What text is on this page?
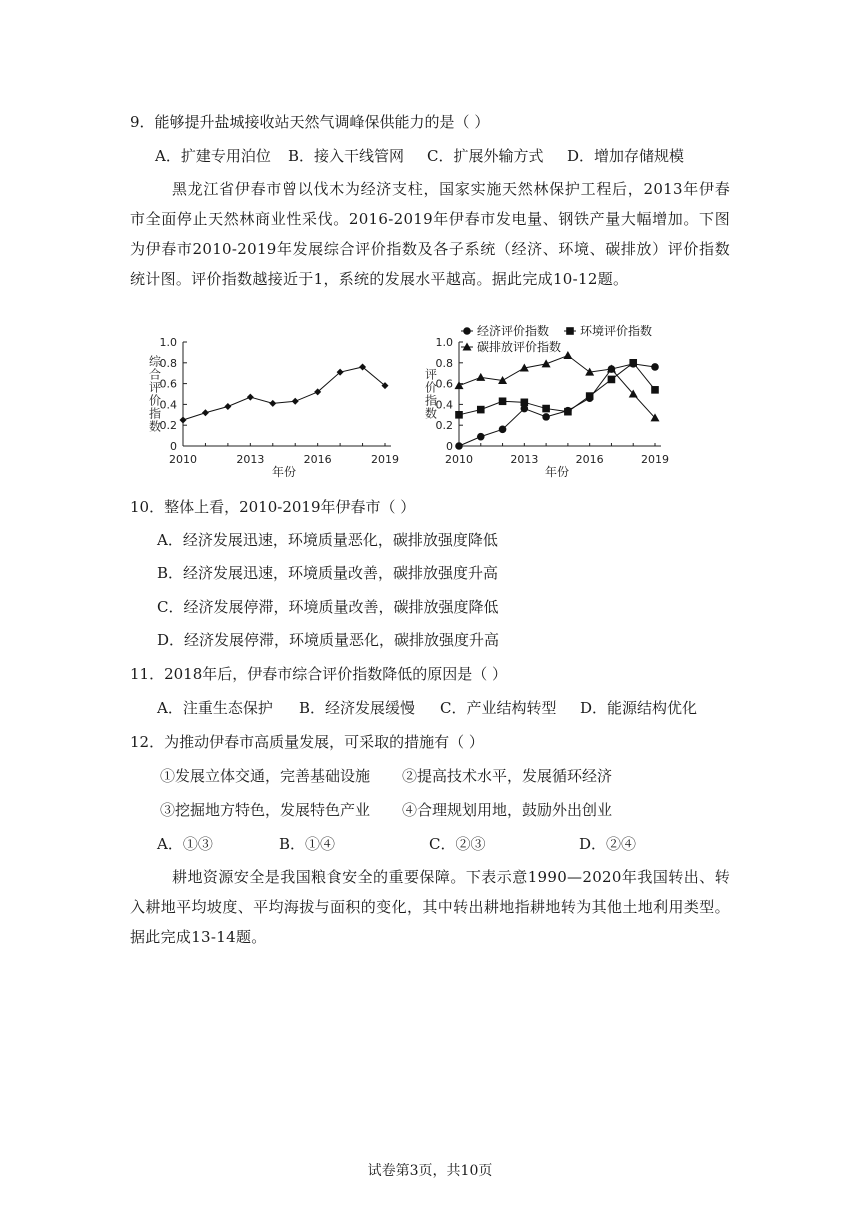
9．能够提升盐城接收站天然气调峰保供能力的是（ ）
A．扩建专用泊位 B．接入干线管网 C．扩展外输方式 D．增加存储规模
黑龙江省伊春市曾以伐木为经济支柱，国家实施天然林保护工程后，2013年伊春市全面停止天然林商业性采伐。2016-2019年伊春市发电量、钢铁产量大幅增加。下图为伊春市2010-2019年发展综合评价指数及各子系统（经济、环境、碳排放）评价指数统计图。评价指数越接近于1，系统的发展水平越高。据此完成10-12题。
0
0.2
0.4
0.6
0.8
1.0
2010	2013	2016	2019
年份
综
合
评
价
指
数
经济评价指数	环境评价指数
碳排放评价指数
0
0.2
0.4
0.6
0.8
1.0
2010	2013	2016	2019
年份
评
价
指
数
10．整体上看，2010-2019年伊春市（ ）
A．经济发展迅速，环境质量恶化，碳排放强度降低
B．经济发展迅速，环境质量改善，碳排放强度升高
C．经济发展停滞，环境质量改善，碳排放强度降低
D．经济发展停滞，环境质量恶化，碳排放强度升高
11．2018年后，伊春市综合评价指数降低的原因是（ ）
A．注重生态保护 B．经济发展缓慢 C．产业结构转型 D．能源结构优化
12．为推动伊春市高质量发展，可采取的措施有（ ）
①发展立体交通，完善基础设施 ②提高技术水平，发展循环经济
③挖掘地方特色，发展特色产业 ④合理规划用地，鼓励外出创业
A．①③	B．①④	C．②③	D．②④
耕地资源安全是我国粮食安全的重要保障。下表示意1990—2020年我国转出、转入耕地平均坡度、平均海拔与面积的变化，其中转出耕地指耕地转为其他土地利用类型。据此完成13-14题。
试卷第3页，共10页
